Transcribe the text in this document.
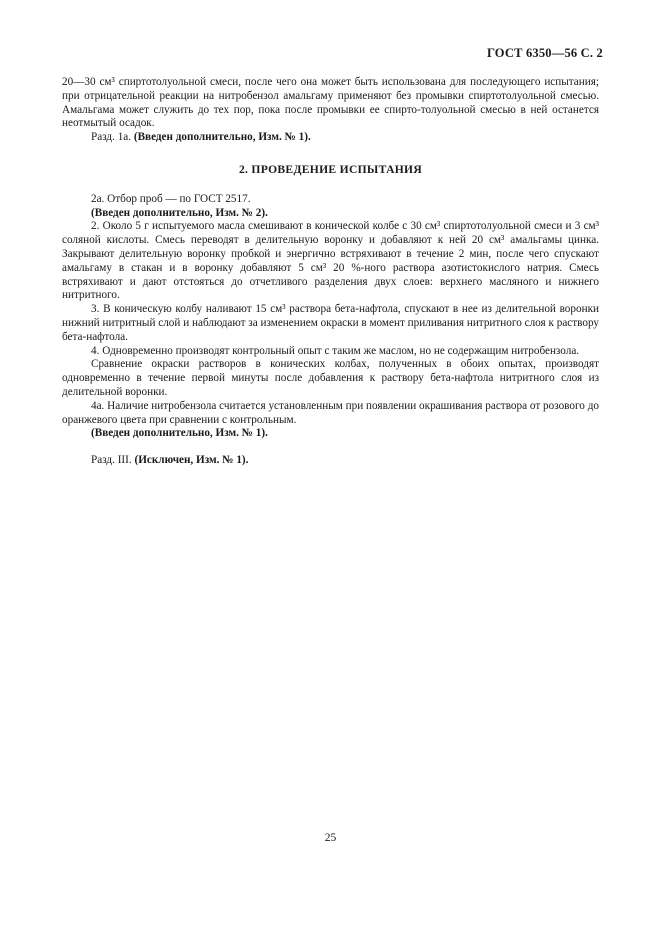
ГОСТ 6350—56 С. 2

20—30 см³ спиртотолуольной смеси, после чего она может быть использована для последующего испытания; при отрицательной реакции на нитробензол амальгаму применяют без промывки спиртотолуольной смесью. Амальгама может служить до тех пор, пока после промывки ее спирто-толуольной смесью в ней останется неотмытый осадок.

Разд. 1а. (Введен дополнительно, Изм. № 1).

2. ПРОВЕДЕНИЕ ИСПЫТАНИЯ

2а. Отбор проб — по ГОСТ 2517.

(Введен дополнительно, Изм. № 2).

2. Около 5 г испытуемого масла смешивают в конической колбе с 30 см³ спиртотолуольной смеси и 3 см³ соляной кислоты. Смесь переводят в делительную воронку и добавляют к ней 20 см³ амальгамы цинка. Закрывают делительную воронку пробкой и энергично встряхивают в течение 2 мин, после чего спускают амальгаму в стакан и в воронку добавляют 5 см³ 20 %-ного раствора азотистокислого натрия. Смесь встряхивают и дают отстояться до отчетливого разделения двух слоев: верхнего масляного и нижнего нитритного.

3. В коническую колбу наливают 15 см³ раствора бета-нафтола, спускают в нее из делительной воронки нижний нитритный слой и наблюдают за изменением окраски в момент приливания нитритного слоя к раствору бета-нафтола.

4. Одновременно производят контрольный опыт с таким же маслом, но не содержащим нитробензола.

Сравнение окраски растворов в конических колбах, полученных в обоих опытах, производят одновременно в течение первой минуты после добавления к раствору бета-нафтола нитритного слоя из делительной воронки.

4а. Наличие нитробензола считается установленным при появлении окрашивания раствора от розового до оранжевого цвета при сравнении с контрольным.

(Введен дополнительно, Изм. № 1).

Разд. III. (Исключен, Изм. № 1).

25
